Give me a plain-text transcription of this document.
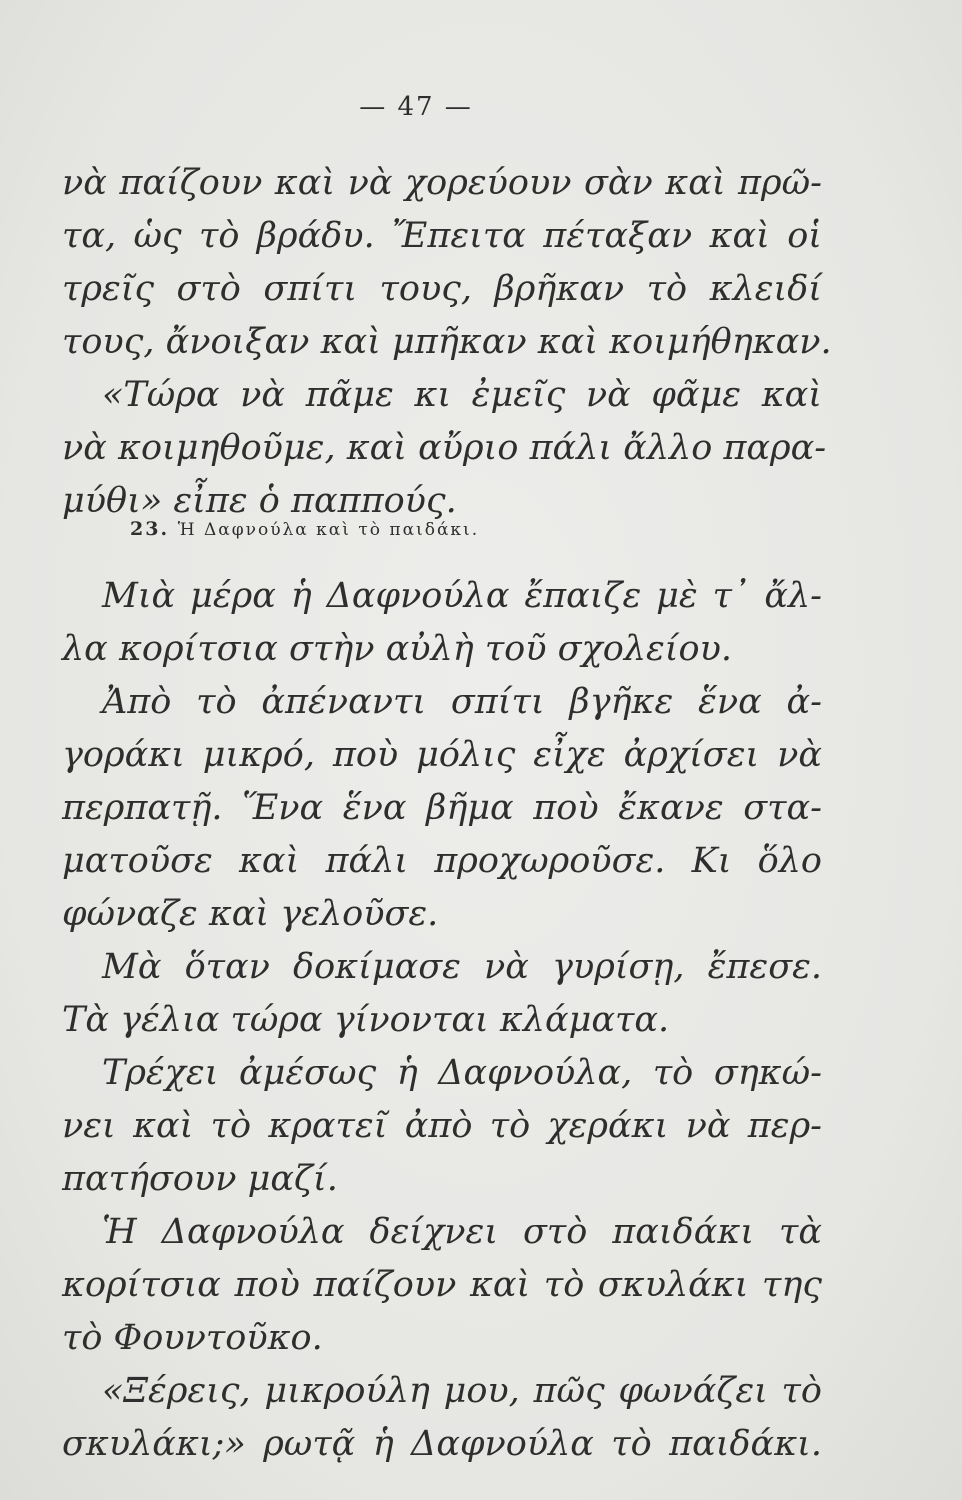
— 47 —
νὰ παίζουν καὶ νὰ χορεύουν σὰν καὶ πρῶ-
τα, ὡς τὸ βράδυ. Ἔπειτα πέταξαν καὶ οἱ
τρεῖς στὸ σπίτι τους, βρῆκαν τὸ κλειδί
τους, ἄνοιξαν καὶ μπῆκαν καὶ κοιμήθηκαν.
«Τώρα νὰ πᾶμε κι ἐμεῖς νὰ φᾶμε καὶ
νὰ κοιμηθοῦμε, καὶ αὔριο πάλι ἄλλο παρα-
μύθι» εἶπε ὁ παππούς.
23. Ἡ Δαφνούλα καὶ τὸ παιδάκι.
Μιὰ μέρα ἡ Δαφνούλα ἔπαιζε μὲ τ᾽ ἄλ-
λα κορίτσια στὴν αὐλὴ τοῦ σχολείου.
Ἀπὸ τὸ ἀπέναντι σπίτι βγῆκε ἕνα ἀ-
γοράκι μικρό, ποὺ μόλις εἶχε ἀρχίσει νὰ
περπατῇ. Ἕνα ἕνα βῆμα ποὺ ἔκανε στα-
ματοῦσε καὶ πάλι προχωροῦσε. Κι ὅλο
φώναζε καὶ γελοῦσε.
Μὰ ὅταν δοκίμασε νὰ γυρίσῃ, ἔπεσε.
Τὰ γέλια τώρα γίνονται κλάματα.
Τρέχει ἀμέσως ἡ Δαφνούλα, τὸ σηκώ-
νει καὶ τὸ κρατεῖ ἀπὸ τὸ χεράκι νὰ περ-
πατήσουν μαζί.
Ἡ Δαφνούλα δείχνει στὸ παιδάκι τὰ
κορίτσια ποὺ παίζουν καὶ τὸ σκυλάκι της
τὸ Φουντοῦκο.
«Ξέρεις, μικρούλη μου, πῶς φωνάζει τὸ
σκυλάκι;» ρωτᾷ ἡ Δαφνούλα τὸ παιδάκι.
